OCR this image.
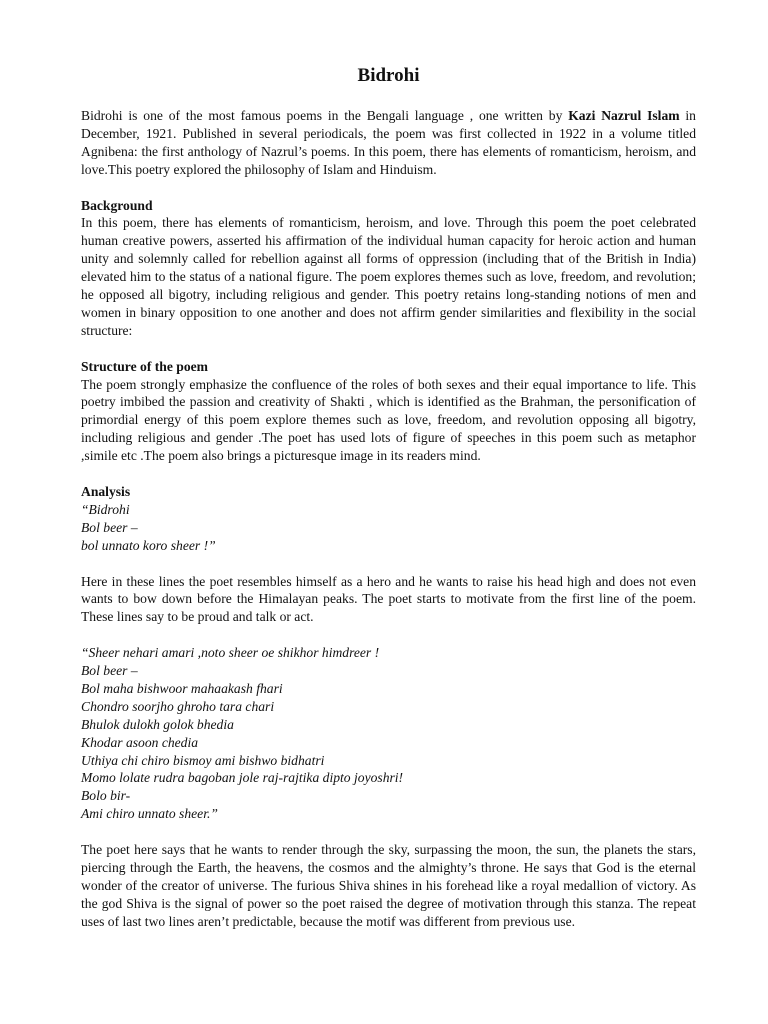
Bidrohi

Bidrohi is one of the most famous poems in the Bengali language , one written by Kazi Nazrul Islam in December, 1921. Published in several periodicals, the poem was first collected in 1922 in a volume titled Agnibena: the first anthology of Nazrul’s poems. In this poem, there has elements of romanticism, heroism, and love.This poetry explored the philosophy of Islam and Hinduism.

Background

In this poem, there has elements of romanticism, heroism, and love. Through this poem the poet celebrated human creative powers, asserted his affirmation of the individual human capacity for heroic action and human unity and solemnly called for rebellion against all forms of oppression (including that of the British in India) elevated him to the status of a national figure. The poem explores themes such as love, freedom, and revolution; he opposed all bigotry, including religious and gender. This poetry retains long-standing notions of men and women in binary opposition to one another and does not affirm gender similarities and flexibility in the social structure:

Structure of the poem

The poem strongly emphasize the confluence of the roles of both sexes and their equal importance to life. This poetry imbibed the passion and creativity of Shakti , which is identified as the Brahman, the personification of primordial energy of this poem explore themes such as love, freedom, and revolution opposing all bigotry, including religious and gender .The poet has used lots of figure of speeches in this poem such as metaphor ,simile etc .The poem also brings a picturesque image in its readers mind.

Analysis
“Bidrohi
Bol beer –
bol unnato koro sheer !”

Here in these lines the poet resembles himself as a hero and he wants to raise his head high and does not even wants to bow down before the Himalayan peaks. The poet starts to motivate from the first line of the poem. These lines say to be proud and talk or act.

“Sheer nehari amari ,noto sheer oe shikhor himdreer !
Bol beer –
Bol maha bishwoor mahaakash fhari
Chondro soorjho ghroho tara chari
Bhulok dulokh golok bhedia
Khodar asoon chedia
Uthiya chi chiro bismoy ami bishwo bidhatri
Momo lolate rudra bagoban jole raj-rajtika dipto joyoshri!
Bolo bir-
Ami chiro unnato sheer.”

The poet here says that he wants to render through the sky, surpassing the moon, the sun, the planets the stars, piercing through the Earth, the heavens, the cosmos and the almighty’s throne. He says that God is the eternal wonder of the creator of universe. The furious Shiva shines in his forehead like a royal medallion of victory. As the god Shiva is the signal of power so the poet raised the degree of motivation through this stanza. The repeat uses of last two lines aren’t predictable, because the motif was different from previous use.
